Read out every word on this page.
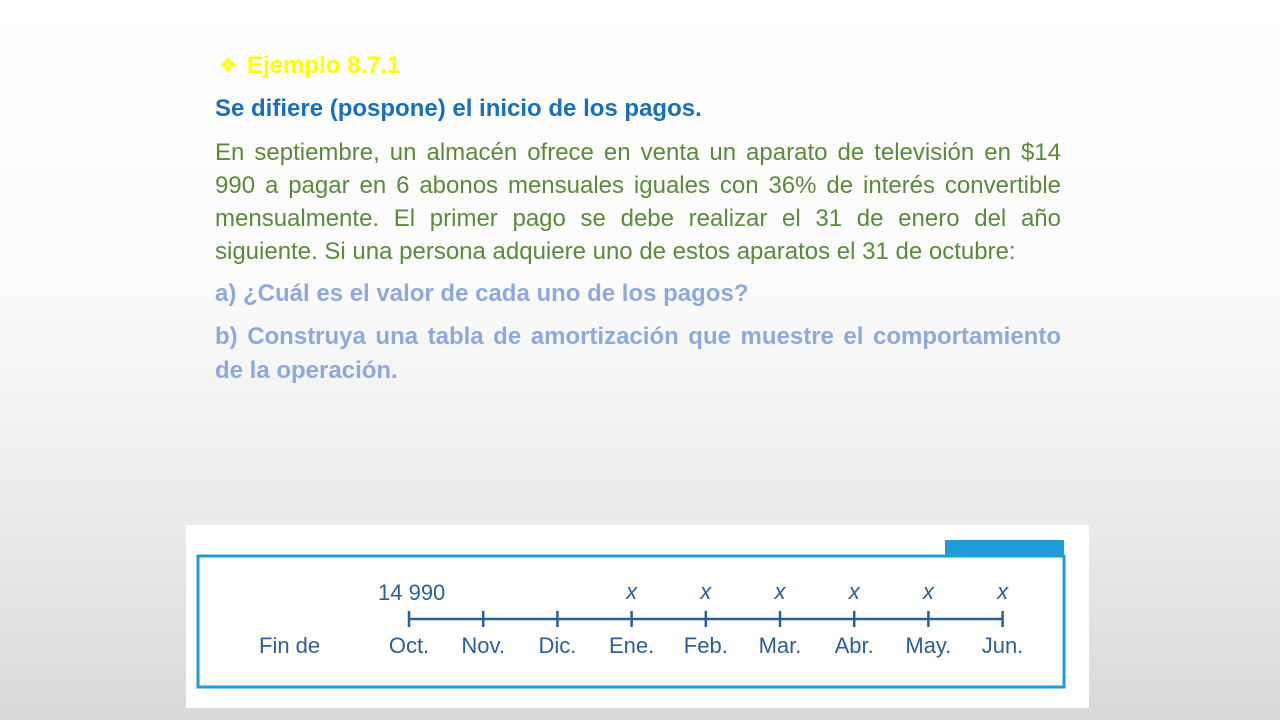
❖ Ejemplo 8.7.1
Se difiere (pospone) el inicio de los pagos.
En septiembre, un almacén ofrece en venta un aparato de televisión en $14 990 a pagar en 6 abonos mensuales iguales con 36% de interés convertible mensualmente. El primer pago se debe realizar el 31 de enero del año siguiente. Si una persona adquiere uno de estos aparatos el 31 de octubre:
a) ¿Cuál es el valor de cada uno de los pagos?
b) Construya una tabla de amortización que muestre el comportamiento de la operación.
Fin de
14 990
Oct. Nov. Dic. Ene.
x
Feb.
x
Mar.
x
Abr.
x
May.
x
Jun.
x
